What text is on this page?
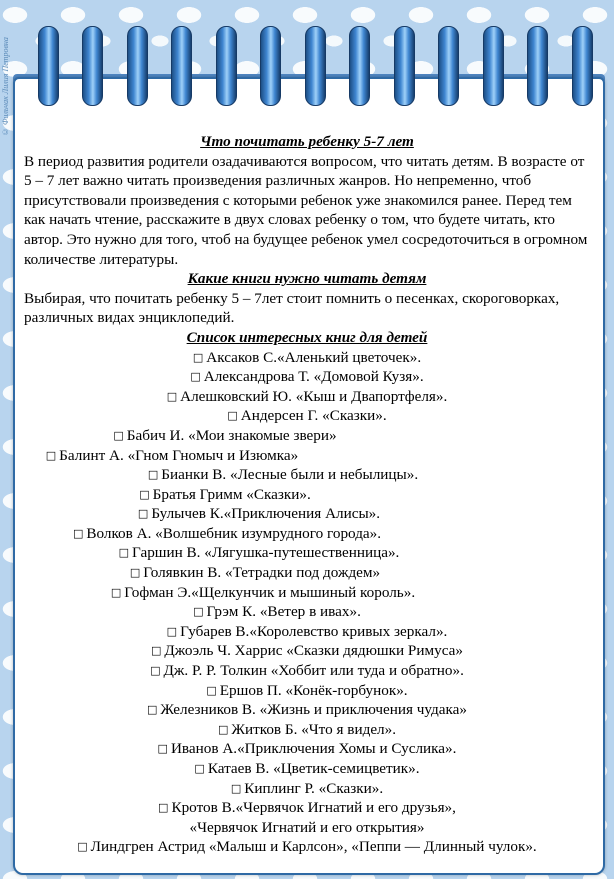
© Фильчак Лилия Петровна
Что почитать ребенку 5-7 лет
В период развития родители озадачиваются вопросом, что читать детям. В возрасте от 5 – 7 лет важно читать произведения различных жанров. Но непременно, чтоб присутствовали произведения с которыми ребенок уже знакомился ранее. Перед тем как начать чтение, расскажите в двух словах ребенку о том, что будете читать, кто автор. Это нужно для того, чтоб на будущее ребенок умел сосредоточиться в огромном количестве литературы.
Какие книги нужно читать детям
Выбирая, что почитать ребенку 5 – 7лет стоит помнить о песенках, скороговорках, различных видах энциклопедий.
Список интересных книг для детей
□ Аксаков С.«Аленький цветочек».
□ Александрова Т. «Домовой Кузя».
□ Алешковский Ю. «Кыш и Двапортфеля».
□ Андерсен Г. «Сказки».
□ Бабич И. «Мои знакомые звери»
□ Балинт А. «Гном Гномыч и Изюмка»
□ Бианки В. «Лесные были и небылицы».
□ Братья Гримм «Сказки».
□ Булычев К.«Приключения Алисы».
□ Волков А. «Волшебник изумрудного города».
□ Гаршин В. «Лягушка-путешественница».
□ Голявкин В. «Тетрадки под дождем»
□ Гофман Э.«Щелкунчик и мышиный король».
□ Грэм К. «Ветер в ивах».
□ Губарев В.«Королевство кривых зеркал».
□ Джоэль Ч. Харрис «Сказки дядюшки Римуса»
□ Дж. Р. Р. Толкин «Хоббит или туда и обратно».
□ Ершов П. «Конёк-горбунок».
□ Железников В. «Жизнь и приключения чудака»
□ Житков Б. «Что я видел».
□ Иванов А.«Приключения Хомы и Суслика».
□ Катаев В. «Цветик-семицветик».
□ Киплинг Р. «Сказки».
□ Кротов В.«Червячок Игнатий и его друзья»,
«Червячок Игнатий и его открытия»
□ Линдгрен Астрид «Малыш и Карлсон», «Пеппи — Длинный чулок».
